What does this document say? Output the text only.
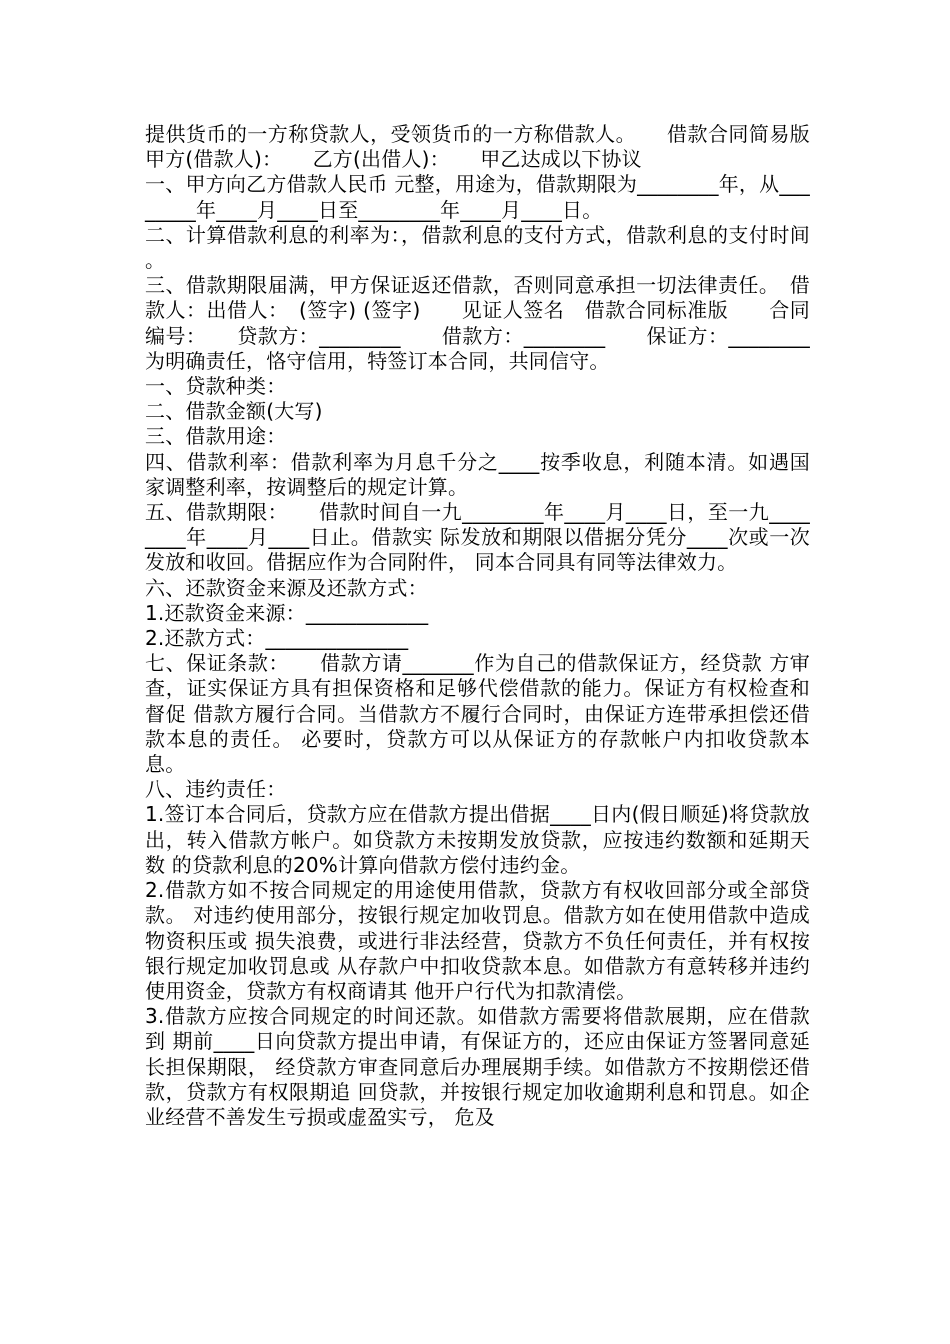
提供货币的一方称贷款人，受领货币的一方称借款人。　　借款合同简易版　　甲方(借款人)：　　乙方(出借人)：　　甲乙达成以下协议

一、甲方向乙方借款人民币 元整，用途为，借款期限为________年，从________年____月____日至________年____月____日。

二、计算借款利息的利率为：，借款利息的支付方式，借款利息的支付时间 。

三、借款期限届满，甲方保证返还借款，否则同意承担一切法律责任。　借款人：出借人：　(签字) (签字)　　见证人签名　借款合同标准版　　合同编号：　　贷款方：________　　借款方：________　　保证方：________　　为明确责任，恪守信用，特签订本合同，共同信守。

一、贷款种类：

二、借款金额(大写)

三、借款用途：

四、借款利率：借款利率为月息千分之____按季收息，利随本清。如遇国家调整利率，按调整后的规定计算。

五、借款期限：　　借款时间自一九________年____月____日，至一九________年____月____日止。借款实 际发放和期限以借据分凭分____次或一次发放和收回。借据应作为合同附件， 同本合同具有同等法律效力。

六、还款资金来源及还款方式：

1.还款资金来源：____________

2.还款方式：______________

七、保证条款：　　借款方请_______作为自己的借款保证方，经贷款 方审查，证实保证方具有担保资格和足够代偿借款的能力。保证方有权检查和督促 借款方履行合同。当借款方不履行合同时，由保证方连带承担偿还借款本息的责任。 必要时，贷款方可以从保证方的存款帐户内扣收贷款本息。

八、违约责任：

1.签订本合同后，贷款方应在借款方提出借据____日内(假日顺延)将贷款放出，转入借款方帐户。如贷款方未按期发放贷款，应按违约数额和延期天数 的贷款利息的20%计算向借款方偿付违约金。

2.借款方如不按合同规定的用途使用借款，贷款方有权收回部分或全部贷款。 对违约使用部分，按银行规定加收罚息。借款方如在使用借款中造成物资积压或 损失浪费，或进行非法经营，贷款方不负任何责任，并有权按银行规定加收罚息或 从存款户中扣收贷款本息。如借款方有意转移并违约使用资金，贷款方有权商请其 他开户行代为扣款清偿。

3.借款方应按合同规定的时间还款。如借款方需要将借款展期，应在借款到 期前____日向贷款方提出申请，有保证方的，还应由保证方签署同意延长担保期限， 经贷款方审查同意后办理展期手续。如借款方不按期偿还借款，贷款方有权限期追 回贷款，并按银行规定加收逾期利息和罚息。如企业经营不善发生亏损或虚盈实亏， 危及
